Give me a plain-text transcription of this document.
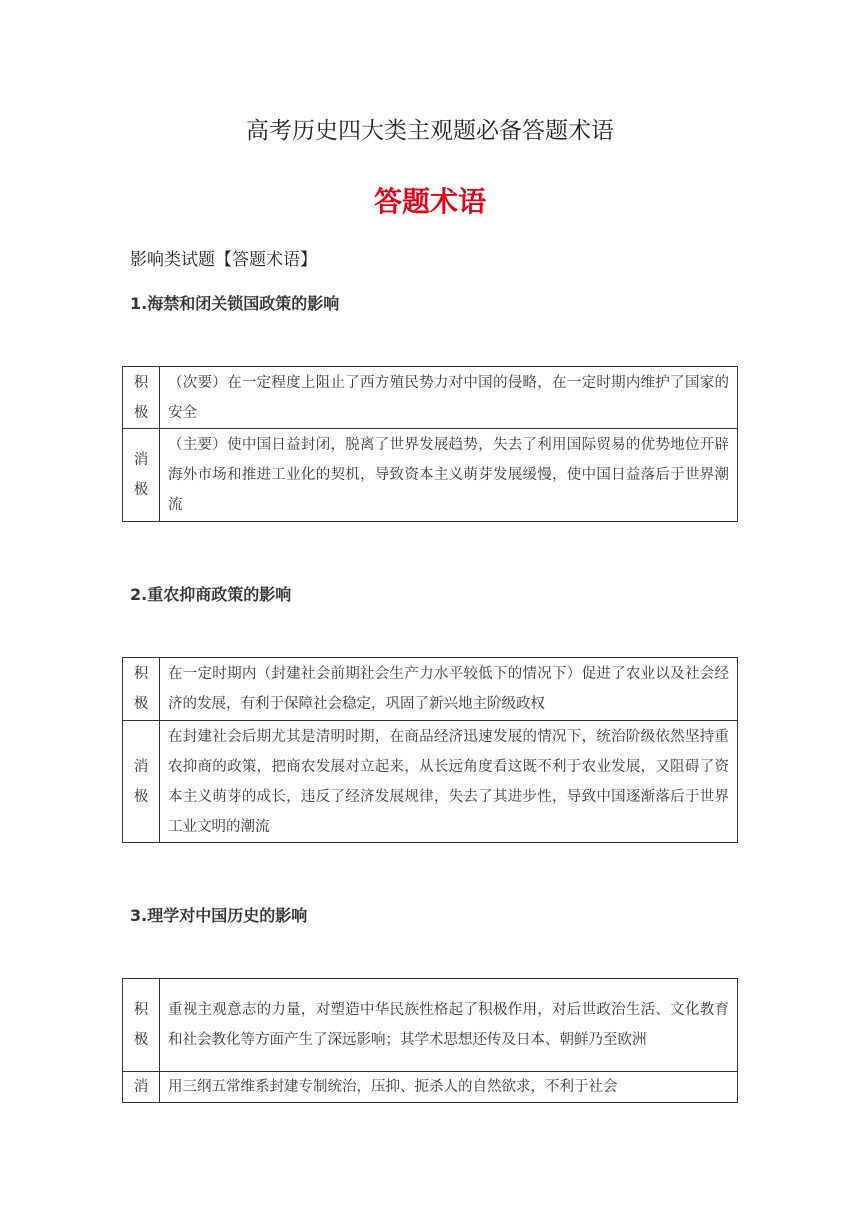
高考历史四大类主观题必备答题术语
答题术语
影响类试题【答题术语】
1.海禁和闭关锁国政策的影响
积
极	（次要）在一定程度上阻止了西方殖民势力对中国的侵略，在一定时期内维护了国家的安全

消
极	（主要）使中国日益封闭，脱离了世界发展趋势，失去了利用国际贸易的优势地位开辟海外市场和推进工业化的契机，导致资本主义萌芽发展缓慢，使中国日益落后于世界潮流
2.重农抑商政策的影响
积
极	在一定时期内（封建社会前期社会生产力水平较低下的情况下）促进了农业以及社会经济的发展，有利于保障社会稳定，巩固了新兴地主阶级政权

消
极	在封建社会后期尤其是清明时期，在商品经济迅速发展的情况下，统治阶级依然坚持重农抑商的政策，把商农发展对立起来，从长远角度看这既不利于农业发展，又阻碍了资本主义萌芽的成长，违反了经济发展规律，失去了其进步性，导致中国逐渐落后于世界工业文明的潮流
3.理学对中国历史的影响
积
极	重视主观意志的力量，对塑造中华民族性格起了积极作用，对后世政治生活、文化教育和社会教化等方面产生了深远影响；其学术思想还传及日本、朝鲜乃至欧洲

消	用三纲五常维系封建专制统治，压抑、扼杀人的自然欲求，不利于社会
